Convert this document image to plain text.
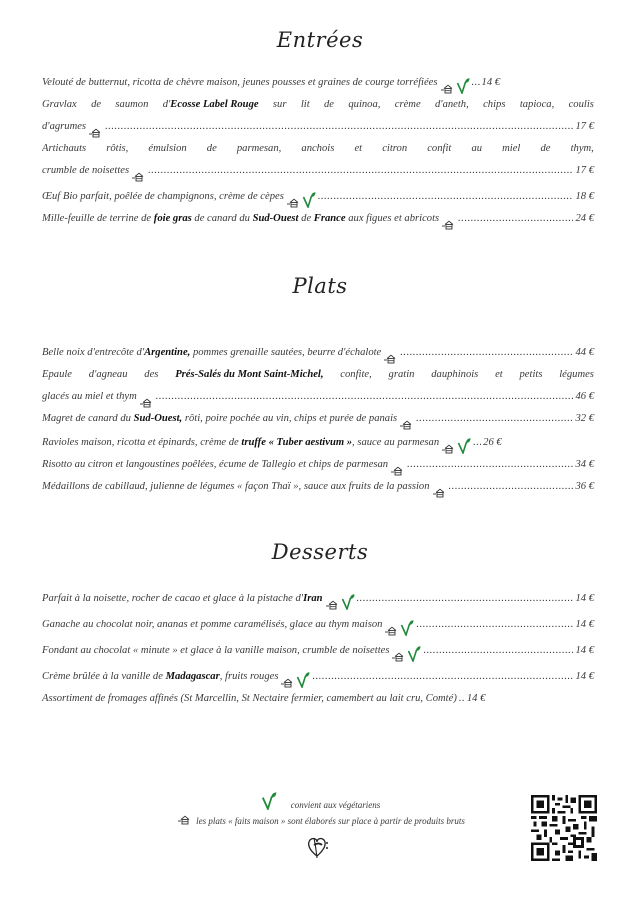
Entrées
Velouté de butternut, ricotta de chèvre maison, jeunes pousses et graines de courge torréfiées .....	14 €
Gravlax de saumon d'Ecosse Label Rouge sur lit de quinoa, crème d'aneth, chips tapioca, coulis
d'agrumes .....	17 €
Artichauts rôtis, émulsion de parmesan, anchois et citron confit au miel de thym,
crumble de noisettes .....	17 €
Œuf Bio parfait, poêlée de champignons, crème de cèpes .....	18 €
Mille-feuille de terrine de foie gras de canard du Sud-Ouest de France aux figues et abricots .....	24 €
Plats
Belle noix d'entrecôte d'Argentine, pommes grenaille sautées, beurre d'échalote .....	44 €
Epaule d'agneau des Prés-Salés du Mont Saint-Michel, confite, gratin dauphinois et petits légumes
glacés au miel et thym .....	46 €
Magret de canard du Sud-Ouest, rôti, poire pochée au vin, chips et purée de panais .....	32 €
Ravioles maison, ricotta et épinards, crème de truffe « Tuber aestivum », sauce au parmesan .....	26 €
Risotto au citron et langoustines poêlées, écume de Tallegio et chips de parmesan .....	34 €
Médaillons de cabillaud, julienne de légumes « façon Thaï », sauce aux fruits de la passion .....	36 €
Desserts
Parfait à la noisette, rocher de cacao et glace à la pistache d'Iran .....	14 €
Ganache au chocolat noir, ananas et pomme caramélisés, glace au thym maison .....	14 €
Fondant au chocolat « minute » et glace à la vanille maison, crumble de noisettes .....	14 €
Crème brûlée à la vanille de Madagascar, fruits rouges .....	14 €
Assortiment de fromages affinés (St Marcellin, St Nectaire fermier, camembert au lait cru, Comté) ..... 14 €
convient aux végétariens
les plats « faits maison » sont élaborés sur place à partir de produits bruts
